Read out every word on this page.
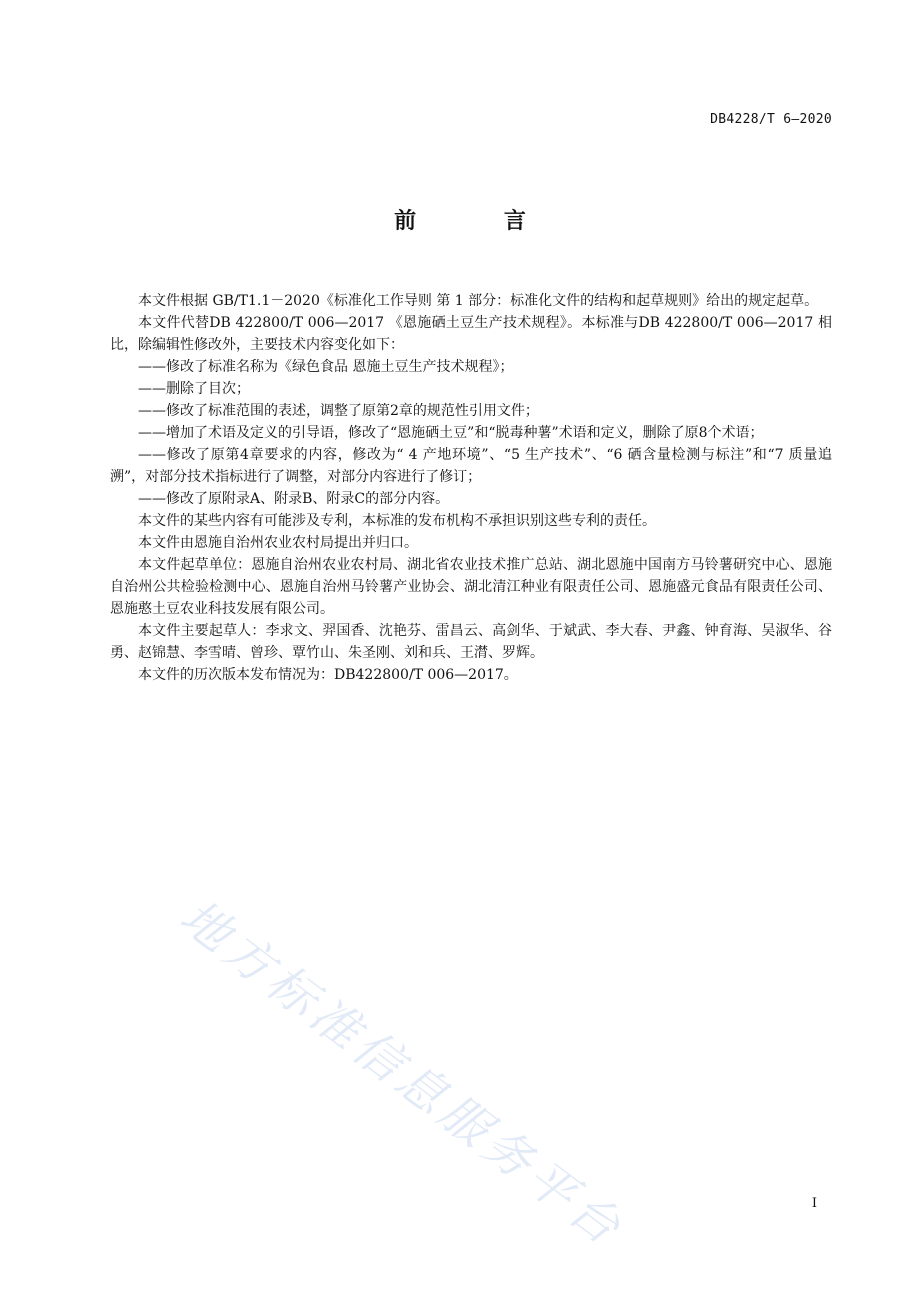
DB4228/T 6—2020
前 言

本文件根据 GB/T1.1－2020《标准化工作导则 第 1 部分：标准化文件的结构和起草规则》给出的规定起草。

本文件代替DB 422800/T 006—2017 《恩施硒土豆生产技术规程》。本标准与DB 422800/T 006—2017 相比，除编辑性修改外，主要技术内容变化如下：

——修改了标准名称为《绿色食品 恩施土豆生产技术规程》；

——删除了目次；

——修改了标准范围的表述，调整了原第2章的规范性引用文件；

——增加了术语及定义的引导语，修改了“恩施硒土豆”和“脱毒种薯”术语和定义，删除了原8个术语；

——修改了原第4章要求的内容，修改为“ 4 产地环境”、“5 生产技术”、“6 硒含量检测与标注”和“7 质量追溯”，对部分技术指标进行了调整，对部分内容进行了修订；

——修改了原附录A、附录B、附录C的部分内容。

本文件的某些内容有可能涉及专利，本标准的发布机构不承担识别这些专利的责任。

本文件由恩施自治州农业农村局提出并归口。

本文件起草单位：恩施自治州农业农村局、湖北省农业技术推广总站、湖北恩施中国南方马铃薯研究中心、恩施自治州公共检验检测中心、恩施自治州马铃薯产业协会、湖北清江种业有限责任公司、恩施盛元食品有限责任公司、恩施憨土豆农业科技发展有限公司。

本文件主要起草人：李求文、羿国香、沈艳芬、雷昌云、高剑华、于斌武、李大春、尹鑫、钟育海、吴淑华、谷勇、赵锦慧、李雪晴、曾珍、覃竹山、朱圣刚、刘和兵、王潸、罗辉。

本文件的历次版本发布情况为：DB422800/T 006—2017。

地方标准信息服务平台	I
